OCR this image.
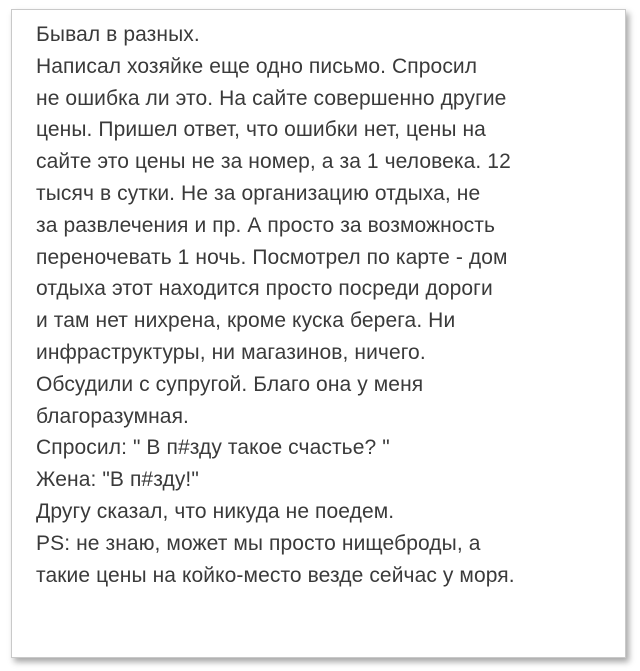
Бывал в разных.
Написал хозяйке еще одно письмо. Спросил
не ошибка ли это. На сайте совершенно другие
цены. Пришел ответ, что ошибки нет, цены на
сайте это цены не за номер, а за 1 человека. 12
тысяч в сутки. Не за организацию отдыха, не
за развлечения и пр. А просто за возможность
переночевать 1 ночь. Посмотрел по карте - дом
отдыха этот находится просто посреди дороги
и там нет нихрена, кроме куска берега. Ни
инфраструктуры, ни магазинов, ничего.
Обсудили с супругой. Благо она у меня
благоразумная.
Спросил: " В п#зду такое счастье? "
Жена: "В п#зду!"
Другу сказал, что никуда не поедем.
PS: не знаю, может мы просто нищеброды, а
такие цены на койко-место везде сейчас у моря.
